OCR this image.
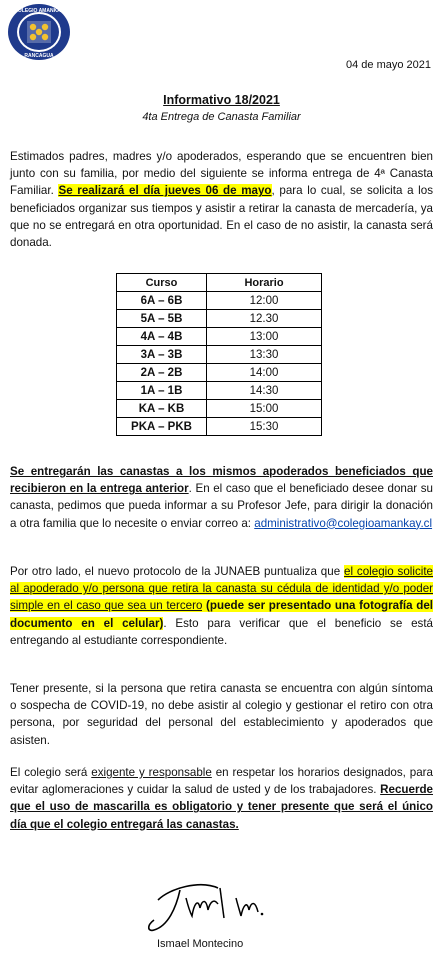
COLEGIO AMANKAY
RANCAGUA
04 de mayo 2021
Informativo 18/2021
4ta Entrega de Canasta Familiar

Estimados padres, madres y/o apoderados, esperando que se encuentren bien junto con su familia, por medio del siguiente se informa entrega de 4ª Canasta Familiar. Se realizará el día jueves 06 de mayo, para lo cual, se solicita a los beneficiados organizar sus tiempos y asistir a retirar la canasta de mercadería, ya que no se entregará en otra oportunidad. En el caso de no asistir, la canasta será donada.

Curso	Horario
6A – 6B	12:00
5A – 5B	12.30
4A – 4B	13:00
3A – 3B	13:30
2A – 2B	14:00
1A – 1B	14:30
KA – KB	15:00
PKA – PKB	15:30

Se entregarán las canastas a los mismos apoderados beneficiados que recibieron en la entrega anterior. En el caso que el beneficiado desee donar su canasta, pedimos que pueda informar a su Profesor Jefe, para dirigir la donación a otra familia que lo necesite o enviar correo a: administrativo@colegioamankay.cl

Por otro lado, el nuevo protocolo de la JUNAEB puntualiza que el colegio solicite al apoderado y/o persona que retira la canasta su cédula de identidad y/o poder simple en el caso que sea un tercero (puede ser presentado una fotografía del documento en el celular). Esto para verificar que el beneficio se está entregando al estudiante correspondiente.

Tener presente, si la persona que retira canasta se encuentra con algún síntoma o sospecha de COVID-19, no debe asistir al colegio y gestionar el retiro con otra persona, por seguridad del personal del establecimiento y apoderados que asisten.

El colegio será exigente y responsable en respetar los horarios designados, para evitar aglomeraciones y cuidar la salud de usted y de los trabajadores. Recuerde que el uso de mascarilla es obligatorio y tener presente que será el único día que el colegio entregará las canastas.

Ismael Montecino
